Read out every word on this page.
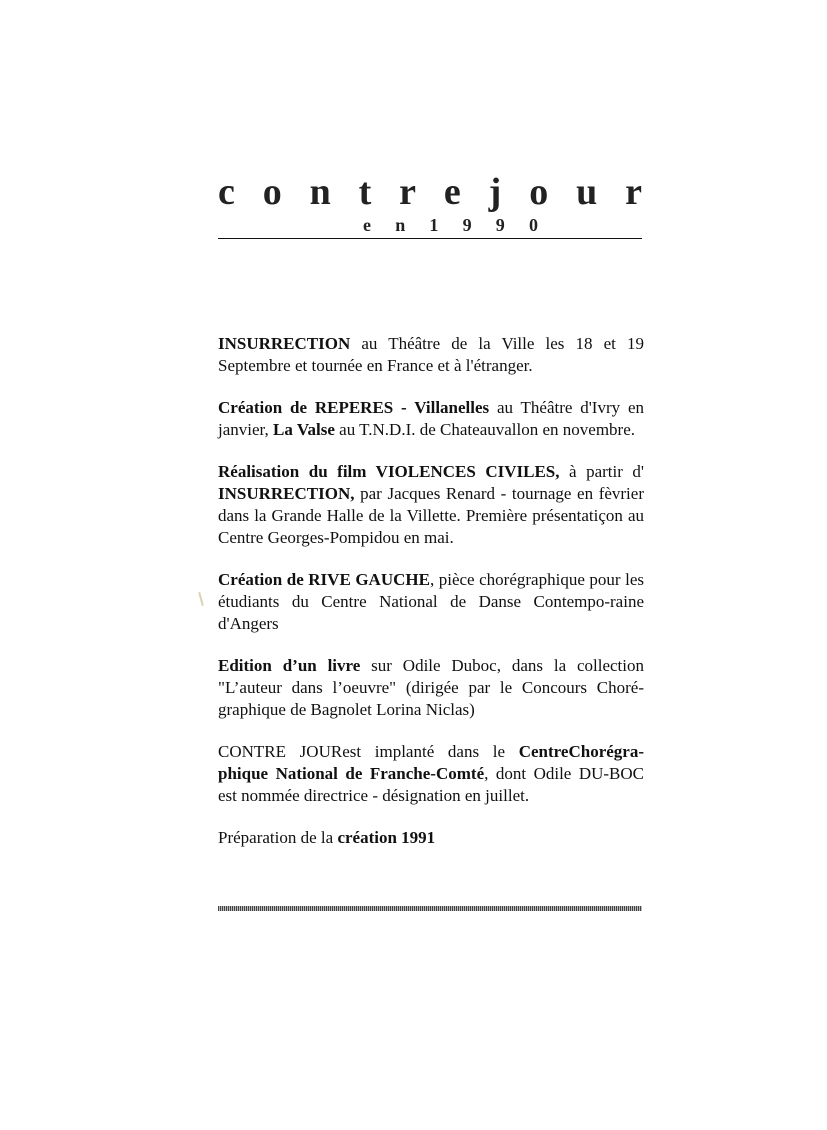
c o n t r e j o u r
e n 1 9 9 0

INSURRECTION au Théâtre de la Ville les 18 et 19 Septembre et tournée en France et à l'étranger.

Création de REPERES - Villanelles au Théâtre d'Ivry en janvier, La Valse au T.N.D.I. de Chateauvallon en novembre.

Réalisation du film VIOLENCES CIVILES, à partir d' INSURRECTION, par Jacques Renard - tournage en fèvrier dans la Grande Halle de la Villette. Première présentatiçon au Centre Georges-Pompidou en mai.

Création de RIVE GAUCHE, pièce chorégraphique pour les étudiants du Centre National de Danse Contempo-raine d'Angers

Edition d’un livre sur Odile Duboc, dans la collection "L’auteur dans l’oeuvre" (dirigée par le Concours Choré-graphique de Bagnolet Lorina Niclas)

CONTRE JOURest implanté dans le CentreChorégra-phique National de Franche-Comté, dont Odile DU-BOC est nommée directrice - désignation en juillet.

Préparation de la création 1991
